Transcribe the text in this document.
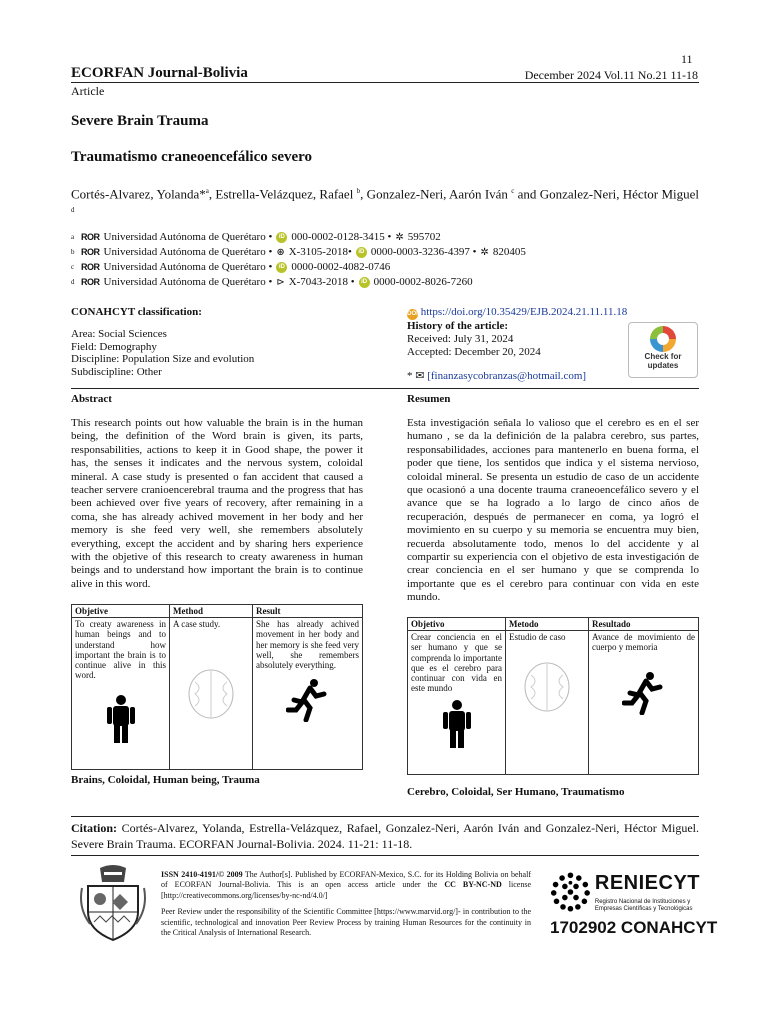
11
ECORFAN Journal-Bolivia	December 2024 Vol.11 No.21 11-18
Article
Severe Brain Trauma
Traumatismo craneoencefálico severo
Cortés-Alvarez, Yolanda*$^a$, Estrella-Velázquez, Rafael $^b$, Gonzalez-Neri, Aarón Iván $^c$ and Gonzalez-Neri, Héctor Miguel $^d$
a ROR Universidad Autónoma de Querétaro •	iD 000-0002-0128-3415 • ✲ 595702
b ROR Universidad Autónoma de Querétaro • ⊛ X-3105-2018•	iD 0000-0003-3236-4397 • ✲ 820405
c ROR Universidad Autónoma de Querétaro •	iD 0000-0002-4082-0746
d ROR Universidad Autónoma de Querétaro • ⊳ X-7043-2018 •	iD 0000-0002-8026-7260
CONAHCYT classification:
Area: Social Sciences
Field: Demography
Discipline: Population Size and evolution
Subdiscipline: Other
DOI https://doi.org/10.35429/EJB.2024.21.11.11.18
History of the article:
Received: July 31, 2024
Accepted: December 20, 2024
* ✉ [finanzasycobranzas@hotmail.com]
Check for
updates
Abstract
This research points out how valuable the brain is in the human being, the definition of the Word brain is given, its parts, responsabilities, actions to keep it in Good shape, the power it has, the senses it indicates and the nervous system, coloidal mineral. A case study is presented o fan accident that caused a teacher servere cranioencerebral trauma and the progress that has been achieved over five years of recovery, after remaining in a coma, she has already achived movement in her body and her memory is she feed very well, she remembers absolutely everything, except the accident and by sharing hers experience with the objetive of this research to creaty awareness in human beings and to understand how important the brain is to continue alive in this word.
Resumen
Esta investigación señala lo valioso que el cerebro es en el ser humano , se da la definición de la palabra cerebro, sus partes, responsabilidades, acciones para mantenerlo en buena forma, el poder que tiene, los sentidos que indica y el sistema nervioso, coloidal mineral. Se presenta un estudio de caso de un accidente que ocasionó a una docente trauma craneoencefálico severo y el avance que se ha logrado a lo largo de cinco años de recuperación, después de permanecer en coma, ya logró el movimiento en su cuerpo y su memoria se encuentra muy bien, recuerda absolutamente todo, menos lo del accidente y al compartir su experiencia con el objetivo de esta investigación de crear conciencia en el ser humano y que se comprenda lo importante que es el cerebro para continuar con vida en este mundo.
Objetive	Method	Result

To creaty awareness in human beings and to understand how important the brain is to continue alive in this word.	A case study.	She has already achived movement in her body and her memory is she feed very well, she remembers absolutely everything.
Objetivo	Metodo	Resultado

Crear conciencia en el ser humano y que se comprenda lo importante que es el cerebro para continuar con vida en este mundo	Estudio de caso	Avance de movimiento de cuerpo y memoria
Brains, Coloidal, Human being, Trauma
Cerebro, Coloidal, Ser Humano, Traumatismo
Citation: Cortés-Alvarez, Yolanda, Estrella-Velázquez, Rafael, Gonzalez-Neri, Aarón Iván and Gonzalez-Neri, Héctor Miguel. Severe Brain Trauma. ECORFAN Journal-Bolivia. 2024. 11-21: 11-18.
ISSN 2410-4191/© 2009 The Author[s]. Published by ECORFAN-Mexico, S.C. for its Holding Bolivia on behalf of ECORFAN Journal-Bolivia. This is an open access article under the CC BY-NC-ND license [http://creativecommons.org/licenses/by-nc-nd/4.0/]
Peer Review under the responsibility of the Scientific Committee [https://www.marvid.org/]- in contribution to the scientific, technological and innovation Peer Review Process by training Human Resources for the continuity in the Critical Analysis of International Research.
RENIECYT
Registro Nacional de Instituciones y
Empresas Científicas y Tecnológicas
1702902 CONAHCYT
